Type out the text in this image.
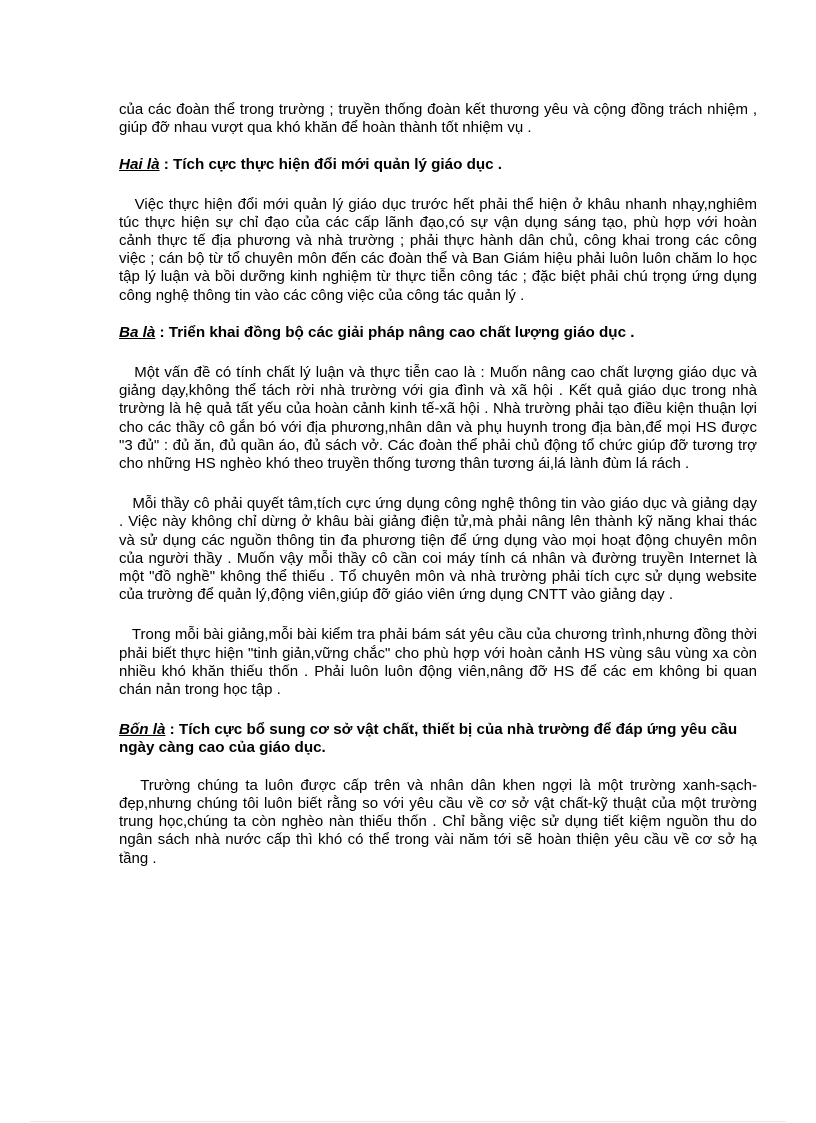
của các đoàn thể trong trường ; truyền thống đoàn kết thương yêu và cộng đồng trách nhiệm , giúp đỡ nhau vượt qua khó khăn để hoàn thành tốt nhiệm vụ .

Hai là : Tích cực thực hiện đổi mới quản lý giáo dục .

Việc thực hiện đổi mới quản lý giáo dục trước hết phải thể hiện ở khâu nhanh nhạy,nghiêm túc thực hiện sự chỉ đạo của các cấp lãnh đạo,có sự vận dụng sáng tạo, phù hợp với hoàn cảnh thực tế địa phương và nhà trường ; phải thực hành dân chủ, công khai trong các công việc ; cán bộ từ tổ chuyên môn đến các đoàn thể và Ban Giám hiệu phải luôn luôn chăm lo học tập lý luận và bồi dưỡng kinh nghiệm từ thực tiễn công tác ; đặc biệt phải chú trọng ứng dụng công nghệ thông tin vào các công việc của công tác quản lý .

Ba là : Triển khai đồng bộ các giải pháp nâng cao chất lượng giáo dục .

Một vấn đề có tính chất lý luận và thực tiễn cao là : Muốn nâng cao chất lượng giáo dục và giảng dạy,không thể tách rời nhà trường với gia đình và xã hội . Kết quả giáo dục trong nhà trường là hệ quả tất yếu của hoàn cảnh kinh tế-xã hội . Nhà trường phải tạo điều kiện thuận lợi cho các thầy cô gắn bó với địa phương,nhân dân và phụ huynh trong địa bàn,để mọi HS được "3 đủ" : đủ ăn, đủ quần áo, đủ sách vở. Các đoàn thể phải chủ động tổ chức giúp đỡ tương trợ cho những HS nghèo khó theo truyền thống tương thân tương ái,lá lành đùm lá rách .

Mỗi thầy cô phải quyết tâm,tích cực ứng dụng công nghệ thông tin vào giáo dục và giảng dạy . Việc này không chỉ dừng ở khâu bài giảng điện tử,mà phải nâng lên thành kỹ năng khai thác và sử dụng các nguồn thông tin đa phương tiện để ứng dụng vào mọi hoạt động chuyên môn của người thầy . Muốn vậy mỗi thầy cô cần coi máy tính cá nhân và đường truyền Internet là một "đồ nghề" không thể thiếu . Tổ chuyên môn và nhà trường phải tích cực sử dụng website của trường để quản lý,động viên,giúp đỡ giáo viên ứng dụng CNTT vào giảng dạy .

Trong mỗi bài giảng,mỗi bài kiểm tra phải bám sát yêu cầu của chương trình,nhưng đồng thời phải biết thực hiện "tinh giản,vững chắc" cho phù hợp với hoàn cảnh HS vùng sâu vùng xa còn nhiều khó khăn thiếu thốn . Phải luôn luôn động viên,nâng đỡ HS để các em không bi quan chán nản trong học tập .

Bốn là : Tích cực bổ sung cơ sở vật chất, thiết bị của nhà trường để đáp ứng yêu cầu ngày càng cao của giáo dục.

Trường chúng ta luôn được cấp trên và nhân dân khen ngợi là một trường xanh-sạch-đẹp,nhưng chúng tôi luôn biết rằng so với yêu cầu về cơ sở vật chất-kỹ thuật của một trường trung học,chúng ta còn nghèo nàn thiếu thốn . Chỉ bằng việc sử dụng tiết kiệm nguồn thu do ngân sách nhà nước cấp thì khó có thể trong vài năm tới sẽ hoàn thiện yêu cầu về cơ sở hạ tầng .
